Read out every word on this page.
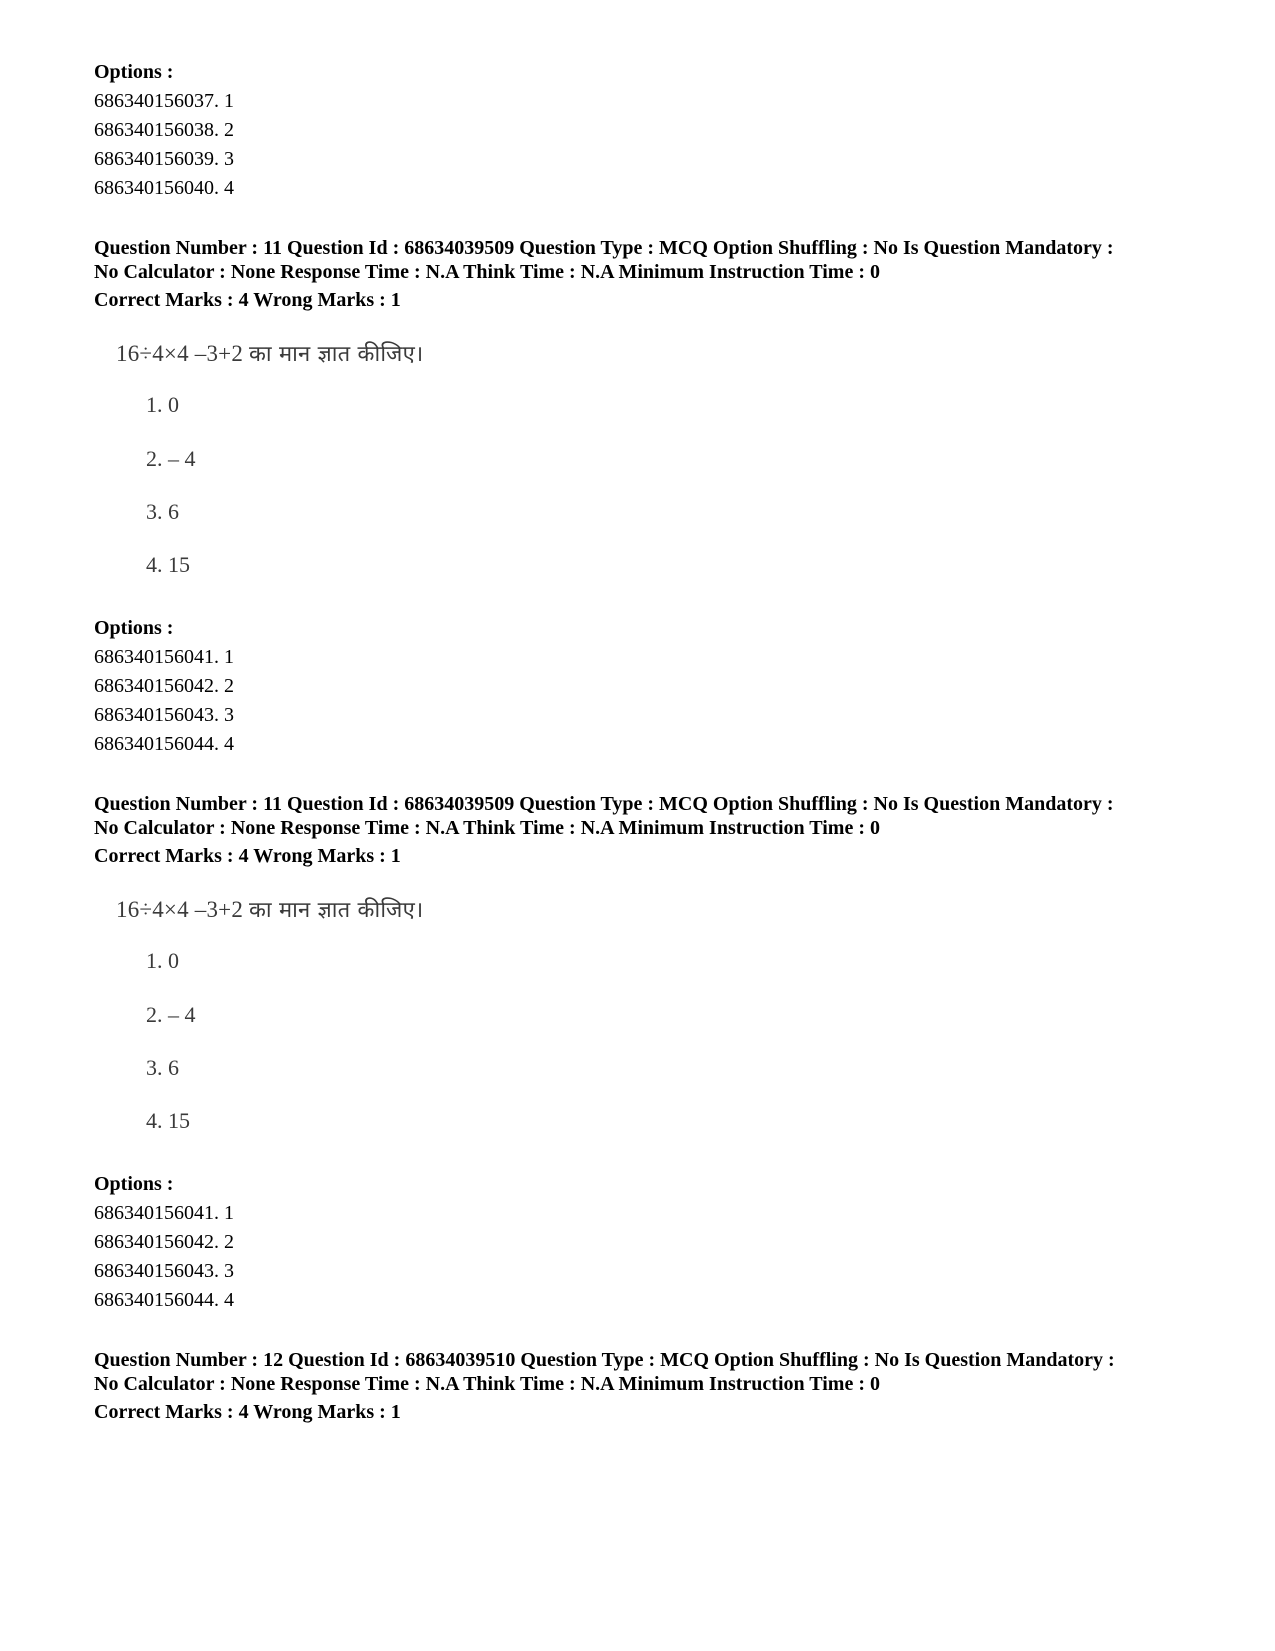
Options :
686340156037. 1
686340156038. 2
686340156039. 3
686340156040. 4
Question Number : 11 Question Id : 68634039509 Question Type : MCQ Option Shuffling : No Is Question Mandatory :
No Calculator : None Response Time : N.A Think Time : N.A Minimum Instruction Time : 0
Correct Marks : 4 Wrong Marks : 1
16÷4×4 –3+2 का मान ज्ञात कीजिए।
1. 0
2. – 4
3. 6
4. 15
Options :
686340156041. 1
686340156042. 2
686340156043. 3
686340156044. 4
Question Number : 11 Question Id : 68634039509 Question Type : MCQ Option Shuffling : No Is Question Mandatory :
No Calculator : None Response Time : N.A Think Time : N.A Minimum Instruction Time : 0
Correct Marks : 4 Wrong Marks : 1
16÷4×4 –3+2 का मान ज्ञात कीजिए।
1. 0
2. – 4
3. 6
4. 15
Options :
686340156041. 1
686340156042. 2
686340156043. 3
686340156044. 4
Question Number : 12 Question Id : 68634039510 Question Type : MCQ Option Shuffling : No Is Question Mandatory :
No Calculator : None Response Time : N.A Think Time : N.A Minimum Instruction Time : 0
Correct Marks : 4 Wrong Marks : 1
